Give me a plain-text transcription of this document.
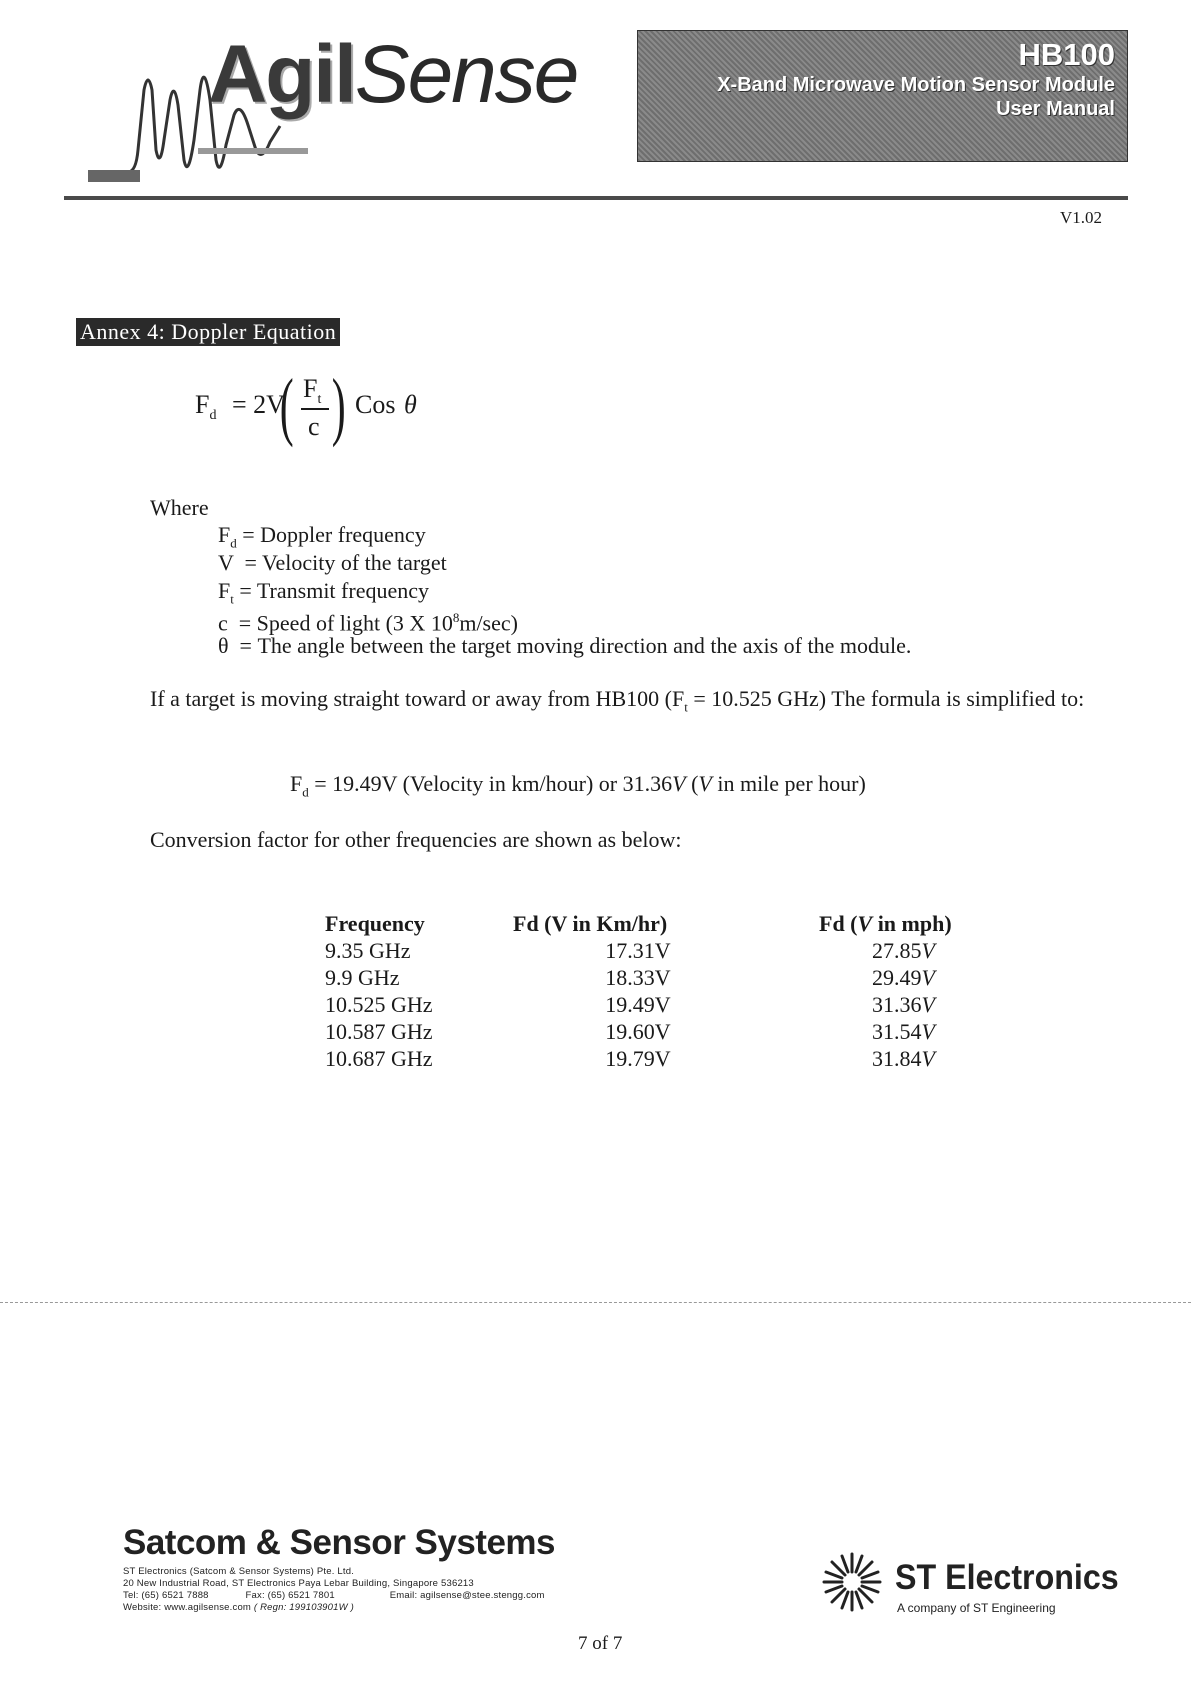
AgilSense	HB100
X-Band Microwave Motion Sensor Module
User Manual
V1.02
Annex 4: Doppler Equation
$F_d = 2V$
( $F_t$
c ) Cos θ
Where
$F_d$ = Doppler frequency
V  = Velocity of the target
$F_t$ = Transmit frequency
c  = Speed of light (3 X $10^8m/\sec$)
θ  = The angle between the target moving direction and the axis of the module.
If a target is moving straight toward or away from HB100 ($F_t = 10.525$ GHz) The formula is simplified to:
$F_d = 19.49V$ (Velocity in km/hour) or 31.36V (V in mile per hour)
Conversion factor for other frequencies are shown as below:
Frequency	Fd (V in Km/hr)	Fd (V in mph)
9.35 GHz	17.31V	27.85V
9.9 GHz	18.33V	29.49V
10.525 GHz	19.49V	31.36V
10.587 GHz	19.60V	31.54V
10.687 GHz	19.79V	31.84V
Satcom & Sensor Systems
ST Electronics (Satcom & Sensor Systems) Pte. Ltd.
20 New Industrial Road, ST Electronics Paya Lebar Building, Singapore 536213
Tel: (65) 6521 7888	Fax: (65) 6521 7801	Email: agilsense@stee.stengg.com
Website: www.agilsense.com ( Regn: 199103901W )
ST Electronics
A company of ST Engineering
7 of 7
